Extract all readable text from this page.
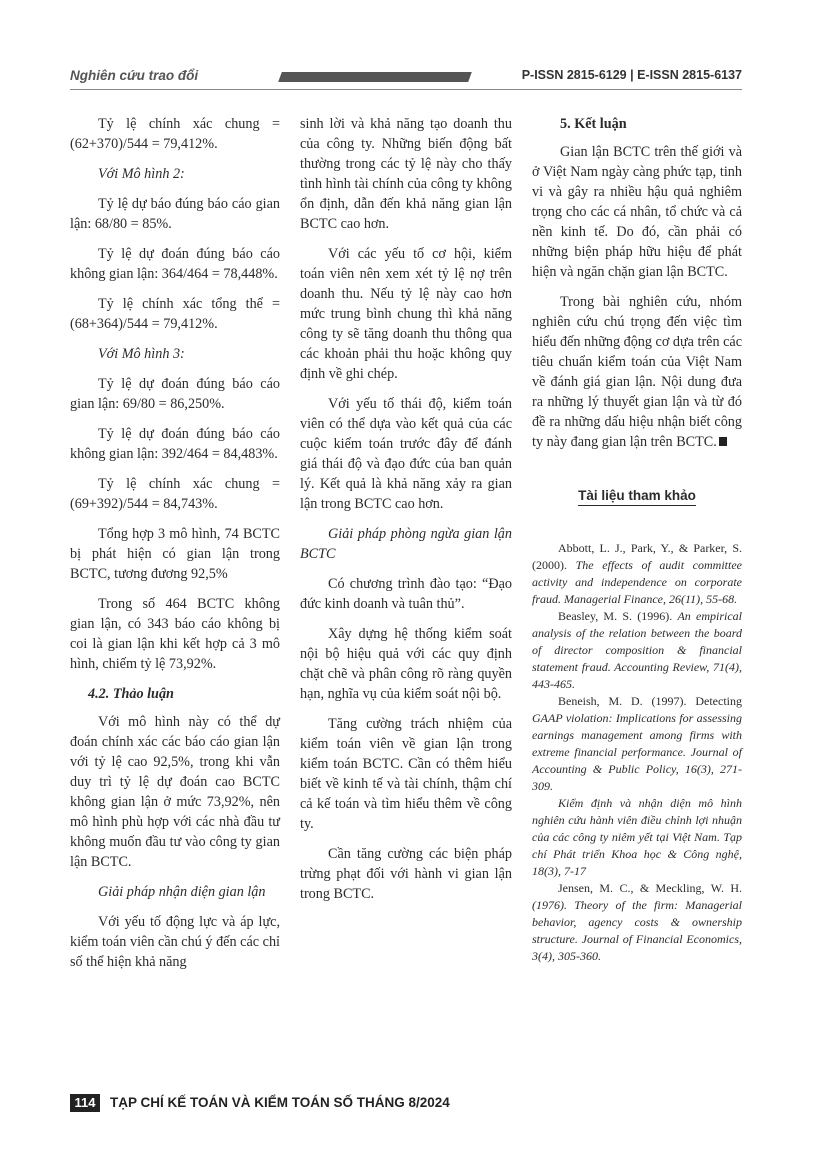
Nghiên cứu trao đổi	P-ISSN 2815-6129 | E-ISSN 2815-6137

Tỷ lệ chính xác chung = (62+370)/544 = 79,412%.

Với Mô hình 2:

Tỷ lệ dự báo đúng báo cáo gian lận: 68/80 = 85%.

Tỷ lệ dự đoán đúng báo cáo không gian lận: 364/464 = 78,448%.

Tỷ lệ chính xác tổng thể = (68+364)/544 = 79,412%.

Với Mô hình 3:

Tỷ lệ dự đoán đúng báo cáo gian lận: 69/80 = 86,250%.

Tỷ lệ dự đoán đúng báo cáo không gian lận: 392/464 = 84,483%.

Tỷ lệ chính xác chung = (69+392)/544 = 84,743%.

Tổng hợp 3 mô hình, 74 BCTC bị phát hiện có gian lận trong BCTC, tương đương 92,5%

Trong số 464 BCTC không gian lận, có 343 báo cáo không bị coi là gian lận khi kết hợp cả 3 mô hình, chiếm tỷ lệ 73,92%.

4.2. Thảo luận

Với mô hình này có thể dự đoán chính xác các báo cáo gian lận với tỷ lệ cao 92,5%, trong khi vẫn duy trì tỷ lệ dự đoán cao BCTC không gian lận ở mức 73,92%, nên mô hình phù hợp với các nhà đầu tư không muốn đầu tư vào công ty gian lận BCTC.

Giải pháp nhận diện gian lận

Với yếu tố động lực và áp lực, kiểm toán viên cần chú ý đến các chỉ số thể hiện khả năng

sinh lời và khả năng tạo doanh thu của công ty. Những biến động bất thường trong các tỷ lệ này cho thấy tình hình tài chính của công ty không ổn định, dẫn đến khả năng gian lận BCTC cao hơn.

Với các yếu tố cơ hội, kiểm toán viên nên xem xét tỷ lệ nợ trên doanh thu. Nếu tỷ lệ này cao hơn mức trung bình chung thì khả năng công ty sẽ tăng doanh thu thông qua các khoản phải thu hoặc không quy định về ghi chép.

Với yếu tố thái độ, kiểm toán viên có thể dựa vào kết quả của các cuộc kiểm toán trước đây để đánh giá thái độ và đạo đức của ban quản lý. Kết quả là khả năng xảy ra gian lận trong BCTC cao hơn.

Giải pháp phòng ngừa gian lận BCTC

Có chương trình đào tạo: “Đạo đức kinh doanh và tuân thủ”.

Xây dựng hệ thống kiểm soát nội bộ hiệu quả với các quy định chặt chẽ và phân công rõ ràng quyền hạn, nghĩa vụ của kiểm soát nội bộ.

Tăng cường trách nhiệm của kiểm toán viên về gian lận trong kiểm toán BCTC. Cần có thêm hiểu biết về kinh tế và tài chính, thậm chí cả kế toán và tìm hiểu thêm về công ty.

Cần tăng cường các biện pháp trừng phạt đối với hành vi gian lận trong BCTC.

5. Kết luận

Gian lận BCTC trên thế giới và ở Việt Nam ngày càng phức tạp, tinh vi và gây ra nhiều hậu quả nghiêm trọng cho các cá nhân, tổ chức và cả nền kinh tế. Do đó, cần phải có những biện pháp hữu hiệu để phát hiện và ngăn chặn gian lận BCTC.

Trong bài nghiên cứu, nhóm nghiên cứu chú trọng đến việc tìm hiểu đến những động cơ dựa trên các tiêu chuẩn kiểm toán của Việt Nam về đánh giá gian lận. Nội dung đưa ra những lý thuyết gian lận và từ đó đề ra những dấu hiệu nhận biết công ty này đang gian lận trên BCTC.

Tài liệu tham khảo

Abbott, L. J., Park, Y., & Parker, S. (2000). The effects of audit committee activity and independence on corporate fraud. Managerial Finance, 26(11), 55-68.

Beasley, M. S. (1996). An empirical analysis of the relation between the board of director composition & financial statement fraud. Accounting Review, 71(4), 443-465.

Beneish, M. D. (1997). Detecting GAAP violation: Implications for assessing earnings management among firms with extreme financial performance. Journal of Accounting & Public Policy, 16(3), 271-309.

Kiểm định và nhận diện mô hình nghiên cứu hành viên điều chỉnh lợi nhuận của các công ty niêm yết tại Việt Nam. Tạp chí Phát triển Khoa học & Công nghệ, 18(3), 7-17

Jensen, M. C., & Meckling, W. H. (1976). Theory of the firm: Managerial behavior, agency costs & ownership structure. Journal of Financial Economics, 3(4), 305-360.

114	TẠP CHÍ KẾ TOÁN VÀ KIỂM TOÁN SỐ THÁNG 8/2024
